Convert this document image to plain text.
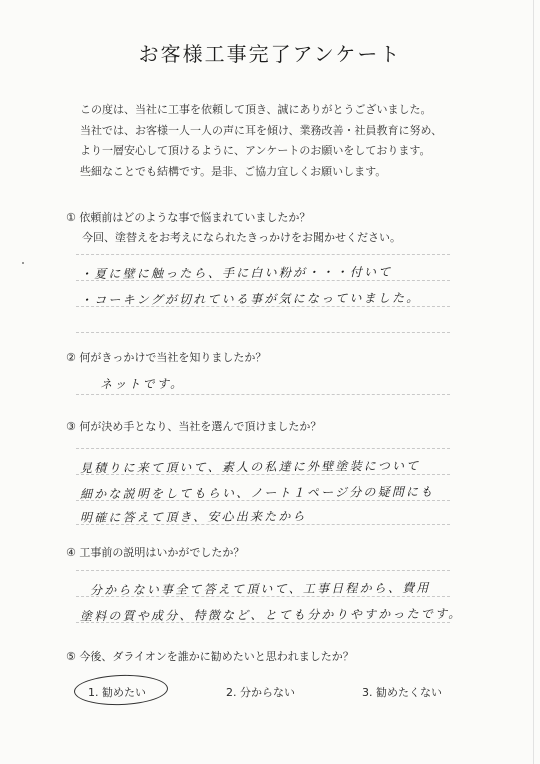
お客様工事完了アンケート
この度は、当社に工事を依頼して頂き、誠にありがとうございました。
当社では、お客様一人一人の声に耳を傾け、業務改善・社員教育に努め、
より一層安心して頂けるように、アンケートのお願いをしております。
些細なことでも結構です。是非、ご協力宜しくお願いします。
① 依頼前はどのような事で悩まれていましたか？
今回、塗替えをお考えになられたきっかけをお聞かせください。
・夏に壁に触ったら、手に白い粉が・・・付いて
・コーキングが切れている事が気になっていました。
② 何がきっかけで当社を知りましたか？
ネットです。
③ 何が決め手となり、当社を選んで頂けましたか？
見積りに来て頂いて、素人の私達に外壁塗装について
細かな説明をしてもらい、ノート１ページ分の疑問にも
明確に答えて頂き、安心出来たから
④ 工事前の説明はいかがでしたか？
分からない事全て答えて頂いて、工事日程から、費用
塗料の質や成分、特徴など、とても分かりやすかったです。
⑤ 今後、ダライオンを誰かに勧めたいと思われましたか？
1. 勧めたい	2. 分からない	3. 勧めたくない
